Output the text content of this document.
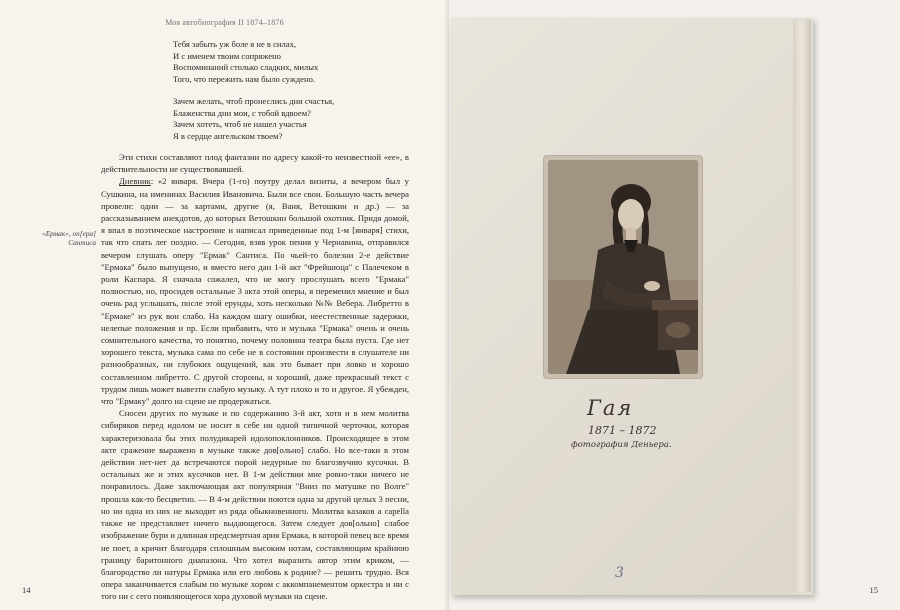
Моя автобиография II 1874–1876
Тебя забыть уж боле я не в силах,
И с именем твоим сопряжено
Воспоминаний столько сладких, милых
Того, что пережить нам было суждено.
Зачем желать, чтоб пронеслись дни счастья,
Блаженства дни мои, с тобой вдвоем?
Зачем хотеть, чтоб не нашел участья
Я в сердце ангельском твоем?
«Ермак», оп[ера] Сантиса

Эти стихи составляют плод фантазии по адресу какой-то неизвестной «ее», в действительности не существовавшей.

Дневник: «2 января. Вчера (1-го) поутру делал визиты, а вечером был у Сушкина, на именинах Василия Ивановича. Были все свои. Большую часть вечера провели: одни — за картами, другие (я, Ваня, Ветошкин и др.) — за рассказыванием анекдотов, до которых Ветошкин большой охотник. Придя домой, я впал в поэтическое настроение и написал приведенные под 1-м [января] стихи, так что спать лег поздно. — Сегодня, взяв урок пения у Чернавина, отправился вечером слушать оперу "Ермак" Сантиса. По чьей-то болезни 2-е действие "Ермака" было выпущено, и вместо него дан 1-й акт "Фрейшюца" с Палечеком в роли Каспара. Я сначала сожалел, что не могу прослушать всего "Ермака" полностью, но, просидев остальные 3 акта этой оперы, я переменил мнение и был очень рад услышать, после этой ерунды, хоть несколько №№ Вебера. Либретто в "Ермаке" из рук вон слабо. На каждом шагу ошибки, неестественные задержки, нелепые положения и пр. Если прибавить, что и музыка "Ермака" очень и очень сомнительного качества, то понятно, почему половина театра была пуста. Где нет хорошего текста, музыка сама по себе не в состоянии произвести в слушателе ни разнообразных, ни глубоких ощущений, как это бывает при ловко и хорошо составленном либретто. С другой стороны, и хороший, даже прекрасный текст с трудом лишь может вывезти слабую музыку. А тут плохо и то и другое. Я убежден, что "Ермаку" долго на сцене не продержаться.

Сносен других по музыке и по содержанию 3-й акт, хотя и в нем молитва сибиряков перед идолом не носит в себе ни одной типичной черточки, которая характеризовала бы этих полудикарей идолопоклонников. Происходящее в этом акте сражение выражено в музыке также дов[ольно] слабо. Но все-таки в этом действии нет-нет да встречаются порой недурные по благозвучию кусочки. В остальных же и этих кусочков нет. В 1-м действии мне ровно-таки ничего не понравилось. Даже заключающая акт популярная "Вниз по матушке по Волге" прошла как-то бесцветно. — В 4-м действии поются одна за другой целых 3 песни, но ни одна из них не выходит из ряда обыкновенного. Молитва казаков a capella также не представляет ничего выдающегося. Затем следует дов[ольно] слабое изображение бури и длинная предсмертная ария Ермака, в которой певец все время не поет, а кричит благодаря сплошным высоким нотам, составляющим крайнюю границу баритонного диапазона. Что хотел выразить автор этим криком, — благородство ли натуры Ермака или его любовь к родине? — решить трудно. Вся опера заканчивается слабым по музыке хором с аккомпанементом оркестра и ни с того ни с сего появляющегося хора духовой музыки на сцене.

14	15
Гая
1871 – 1872
фотография Деньера.
3
